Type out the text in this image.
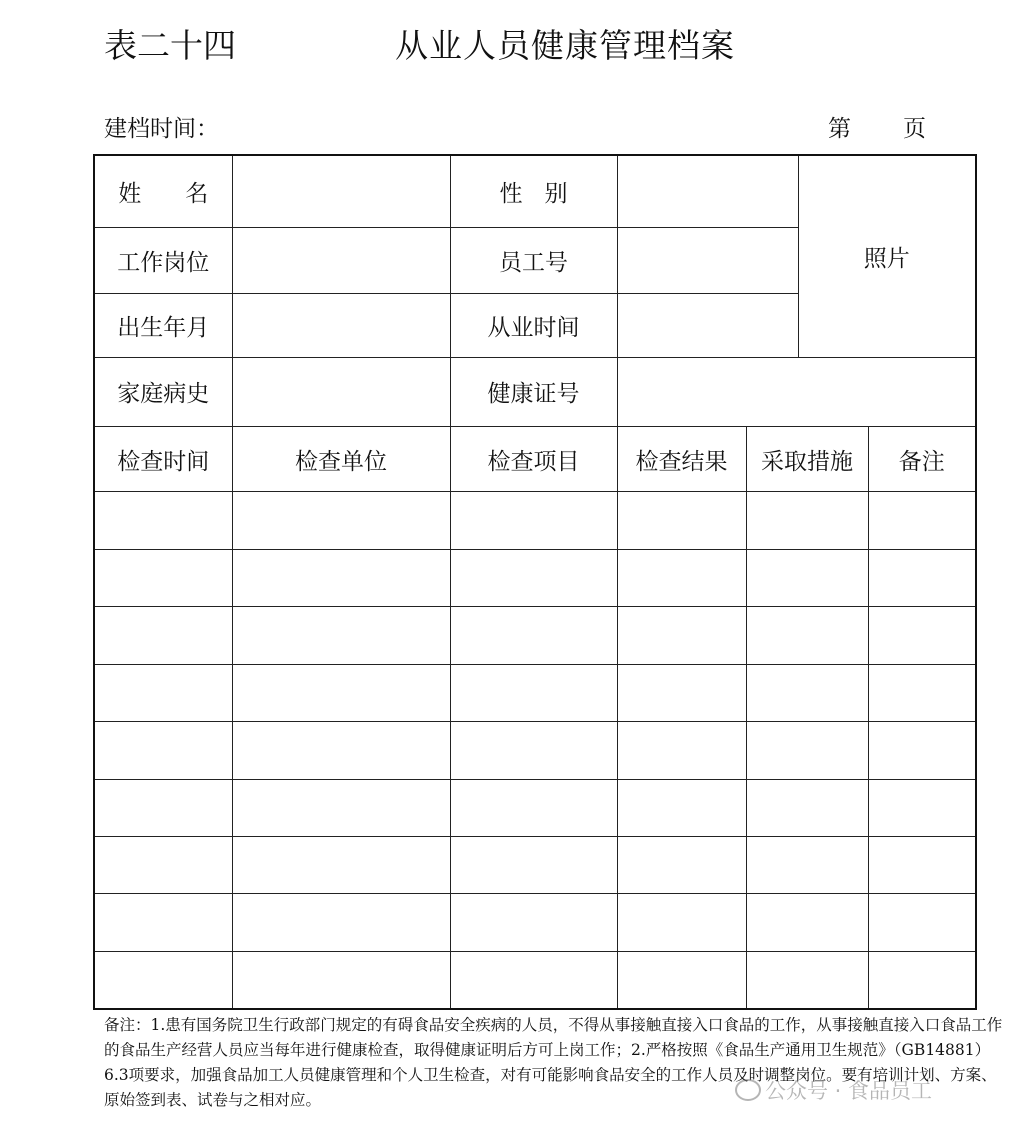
表二十四	从业人员健康管理档案
建档时间：	第 页
姓 名		性 别			照片	
工作岗位		员工号				
出生年月		从业时间				
家庭病史		健康证号				
检查时间	检查单位	检查项目	检查结果	采取措施		备注

备注：1.患有国务院卫生行政部门规定的有碍食品安全疾病的人员，不得从事接触直接入口食品的工作，从事接触直接入口食品工作的食品生产经营人员应当每年进行健康检查，取得健康证明后方可上岗工作；2.严格按照《食品生产通用卫生规范》（GB14881）6.3项要求，加强食品加工人员健康管理和个人卫生检查，对有可能影响食品安全的工作人员及时调整岗位。要有培训计划、方案、原始签到表、试卷与之相对应。	公众号 · 食品员工
